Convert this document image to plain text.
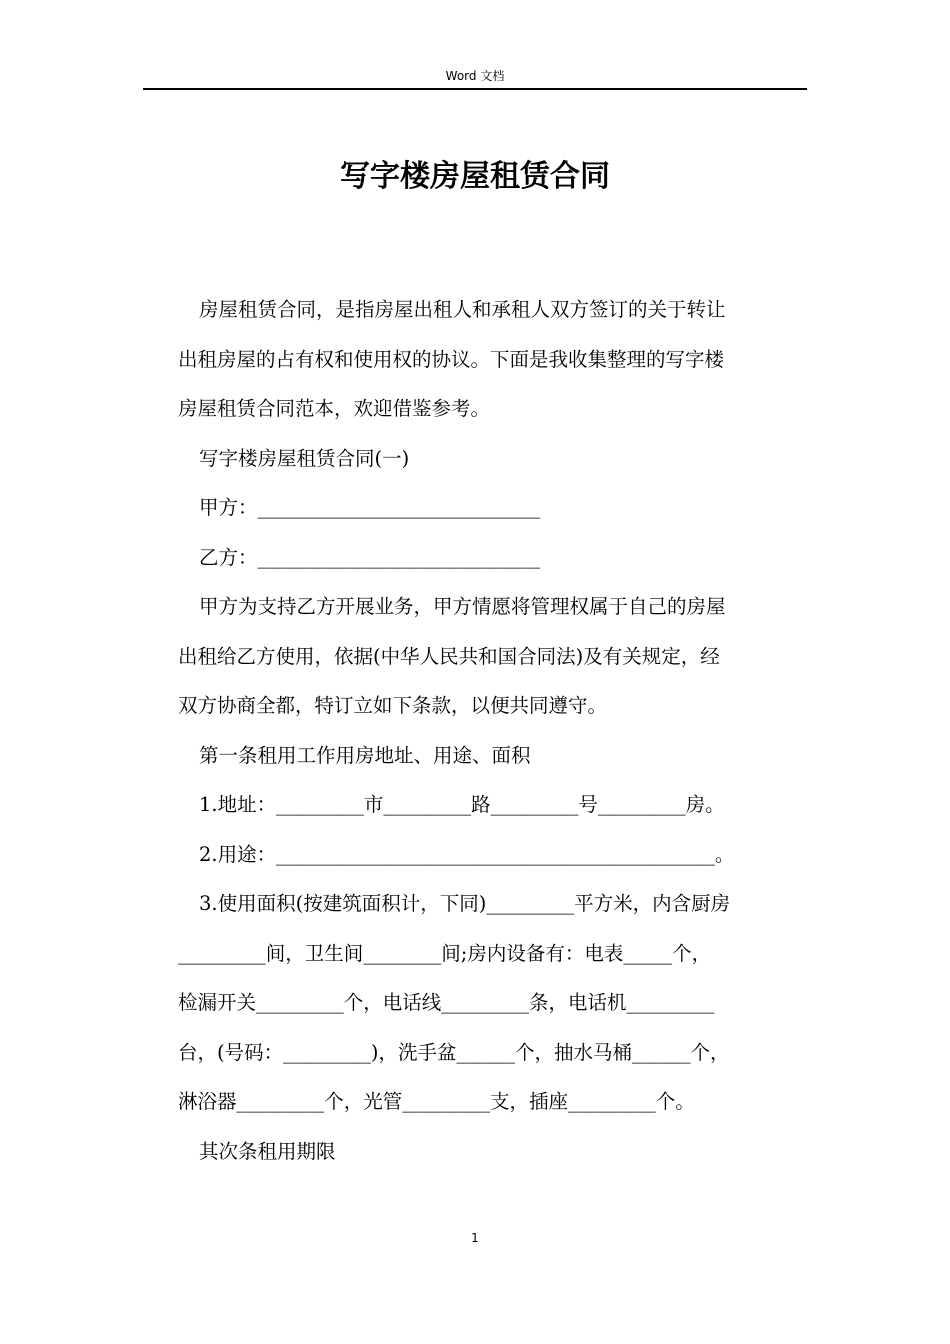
Word 文档
写字楼房屋租赁合同
房屋租赁合同，是指房屋出租人和承租人双方签订的关于转让
出租房屋的占有权和使用权的协议。下面是我收集整理的写字楼
房屋租赁合同范本，欢迎借鉴参考。
写字楼房屋租赁合同(一)
甲方：_____________________________
乙方：_____________________________
甲方为支持乙方开展业务，甲方情愿将管理权属于自己的房屋
出租给乙方使用，依据(中华人民共和国合同法)及有关规定，经
双方协商全都，特订立如下条款，以便共同遵守。
第一条租用工作用房地址、用途、面积
1.地址：_________市_________路_________号_________房。
2.用途：_____________________________________________。
3.使用面积(按建筑面积计，下同)_________平方米，内含厨房
_________间，卫生间________间;房内设备有：电表_____个，
检漏开关_________个，电话线_________条，电话机_________
台，(号码：_________)，洗手盆______个，抽水马桶______个，
淋浴器_________个，光管_________支，插座_________个。
其次条租用期限
1
